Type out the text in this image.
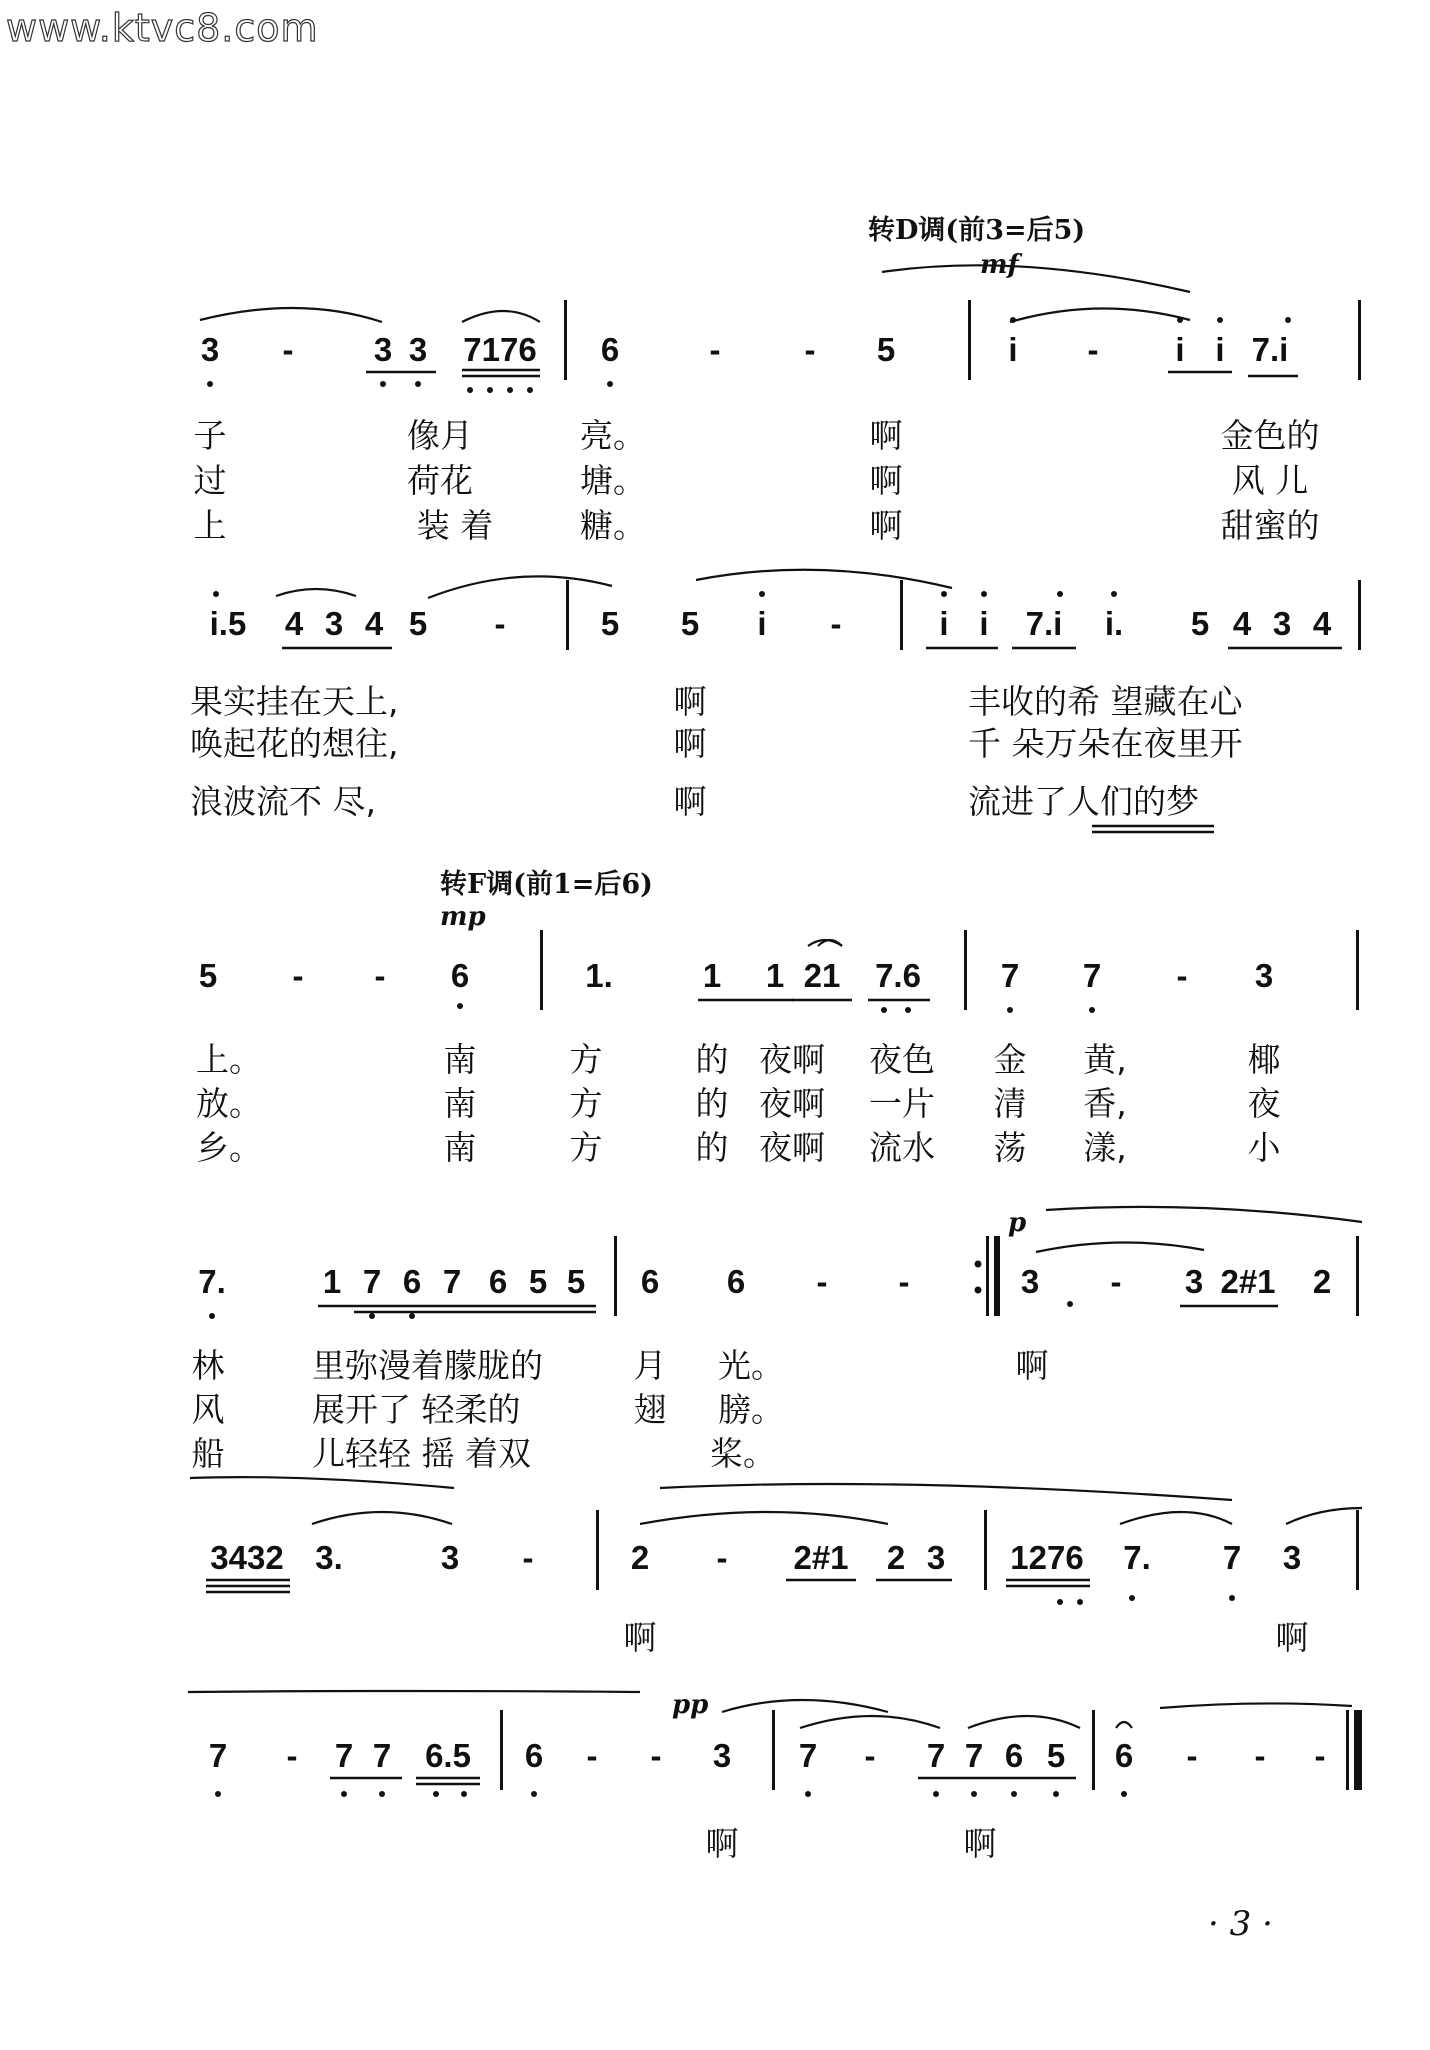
www.ktvc8.com
转D调(前3=后5)
mf
转F调(前1=后6)
mp
p
pp
3	-	3 3	7176	6	-	-	5	i	-	i i 7.i
子	像月	亮。	啊	金色的
过	荷花	塘。	啊	风 儿
上	装 着	糖。	啊	甜蜜的
i.5	4 3 4 5	-	5	5	i	-	i i	7.i	i.	5 4 3 4
果实挂在天上,	啊	丰收的希 望藏在心
唤起花的想往,	啊	千 朵万朵在夜里开
浪波流不 尽,	啊	流进了人们的梦
5	-	-	6	1.	1	1 21	7.6	7	7	-	3
上。	南	方	的 夜啊 夜色 金 黄,	椰
放。	南	方	的 夜啊 一片 清 香,	夜
乡。	南	方	的 夜啊 流水 荡 漾,	小
7.	1 7 6 7 6 5 5	6	6	-	-	3	-	3 2#1	2
林	里弥漫着朦胧的	月 光。	啊
风	展开了 轻柔的	翅 膀。
船	儿轻轻 摇 着双	桨。
3432 3.	3	-	2	-	2#1	2 3	1276	7.	7	3
啊	啊
7	-	7 7	6.5	6	-	-	3	7	-	7 7 6 5	6	-	-	-
啊	啊
· 3 ·
